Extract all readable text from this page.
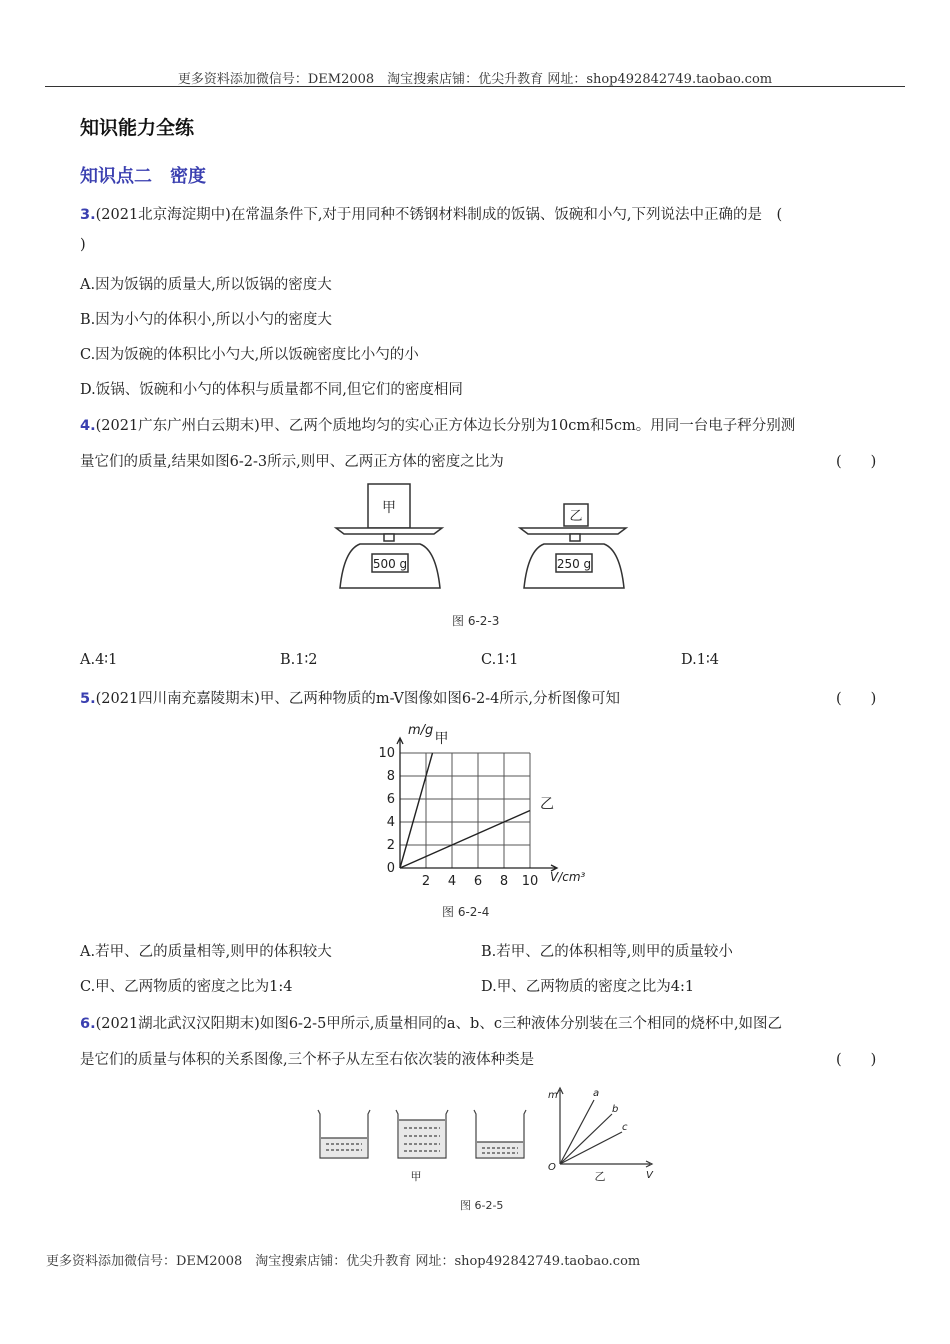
更多资料添加微信号：DEM2008　淘宝搜索店铺：优尖升教育 网址：shop492842749.taobao.com
知识能力全练
知识点二　密度
3.(2021北京海淀期中)在常温条件下,对于用同种不锈钢材料制成的饭锅、饭碗和小勺,下列说法中正确的是　(
)
A.因为饭锅的质量大,所以饭锅的密度大
B.因为小勺的体积小,所以小勺的密度大
C.因为饭碗的体积比小勺大,所以饭碗密度比小勺的小
D.饭锅、饭碗和小勺的体积与质量都不同,但它们的密度相同
4.(2021广东广州白云期末)甲、乙两个质地均匀的实心正方体边长分别为10cm和5cm。用同一台电子秤分别测
量它们的质量,结果如图6-2-3所示,则甲、乙两正方体的密度之比为	(　　)
甲
500 g
乙
250 g
图 6-2-3
A.4∶1	B.1∶2	C.1∶1	D.1∶4
5.(2021四川南充嘉陵期末)甲、乙两种物质的m-V图像如图6-2-4所示,分析图像可知	(　　)
2 4 6 8 10
0
2
4
6
8
10
甲
乙
m/g
V/cm³
图 6-2-4
A.若甲、乙的质量相等,则甲的体积较大	B.若甲、乙的体积相等,则甲的质量较小
C.甲、乙两物质的密度之比为1:4	D.甲、乙两物质的密度之比为4:1
6.(2021湖北武汉汉阳期末)如图6-2-5甲所示,质量相同的a、b、c三种液体分别装在三个相同的烧杯中,如图乙
是它们的质量与体积的关系图像,三个杯子从左至右依次装的液体种类是	(　　)
甲
m
V
O
a
b
c
乙
图 6-2-5
更多资料添加微信号：DEM2008　淘宝搜索店铺：优尖升教育 网址：shop492842749.taobao.com
